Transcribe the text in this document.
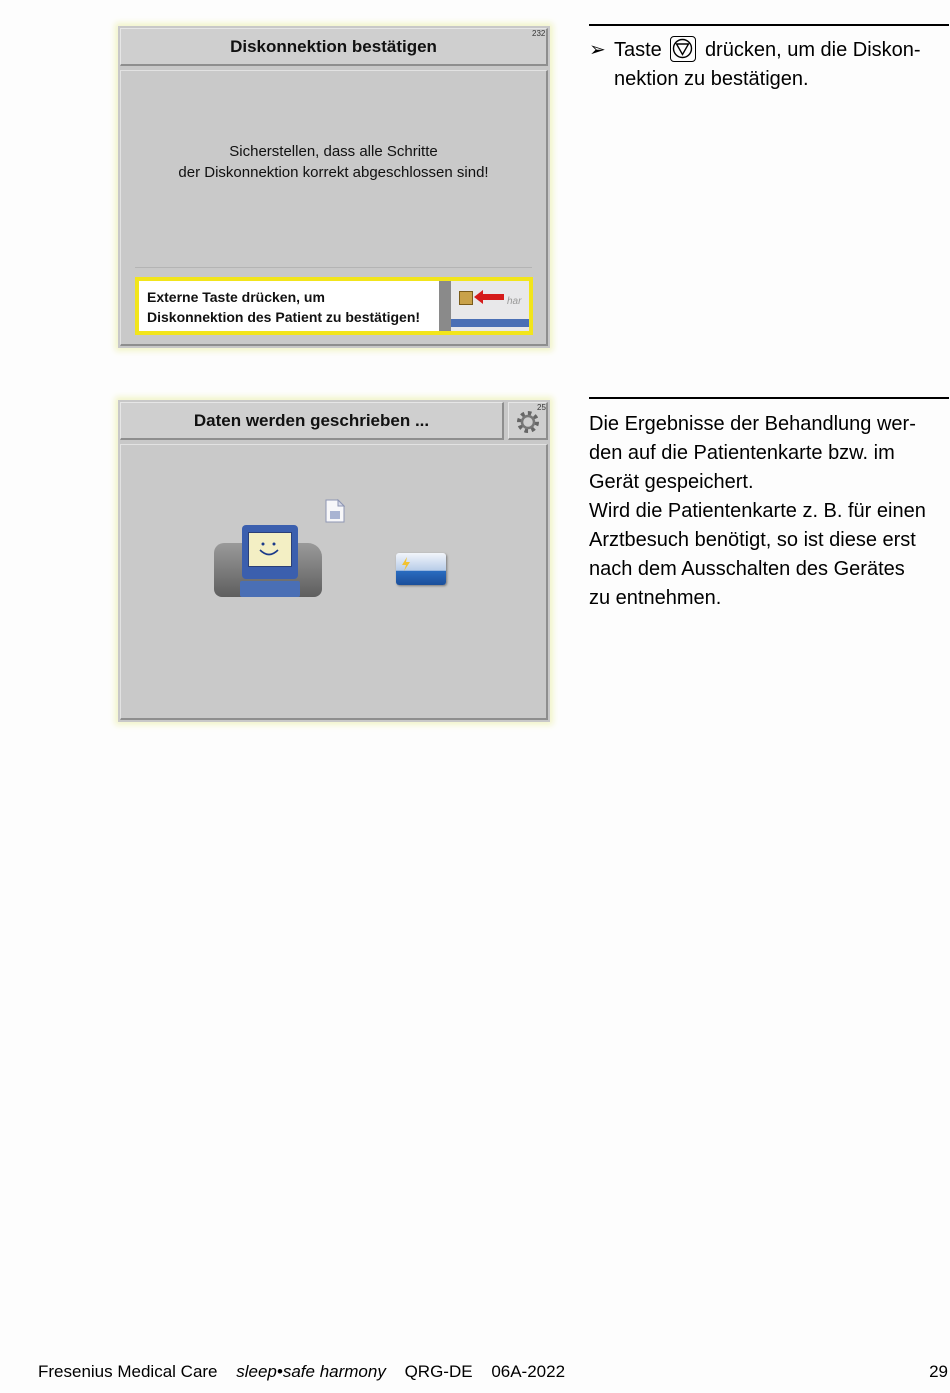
Diskonnektion bestätigen
232
Sicherstellen, dass alle Schritte
der Diskonnektion korrekt abgeschlossen sind!
Externe Taste drücken, um
Diskonnektion des Patient zu bestätigen!
har
➢ Taste drücken, um die Diskon-
nektion zu bestätigen.
Daten werden geschrieben ...
25
Die Ergebnisse der Behandlung wer-
den auf die Patientenkarte bzw. im
Gerät gespeichert.
Wird die Patientenkarte z. B. für einen
Arztbesuch benötigt, so ist diese erst
nach dem Ausschalten des Gerätes
zu entnehmen.
Fresenius Medical Care sleep•safe harmony QRG-DE 06A-2022	29
